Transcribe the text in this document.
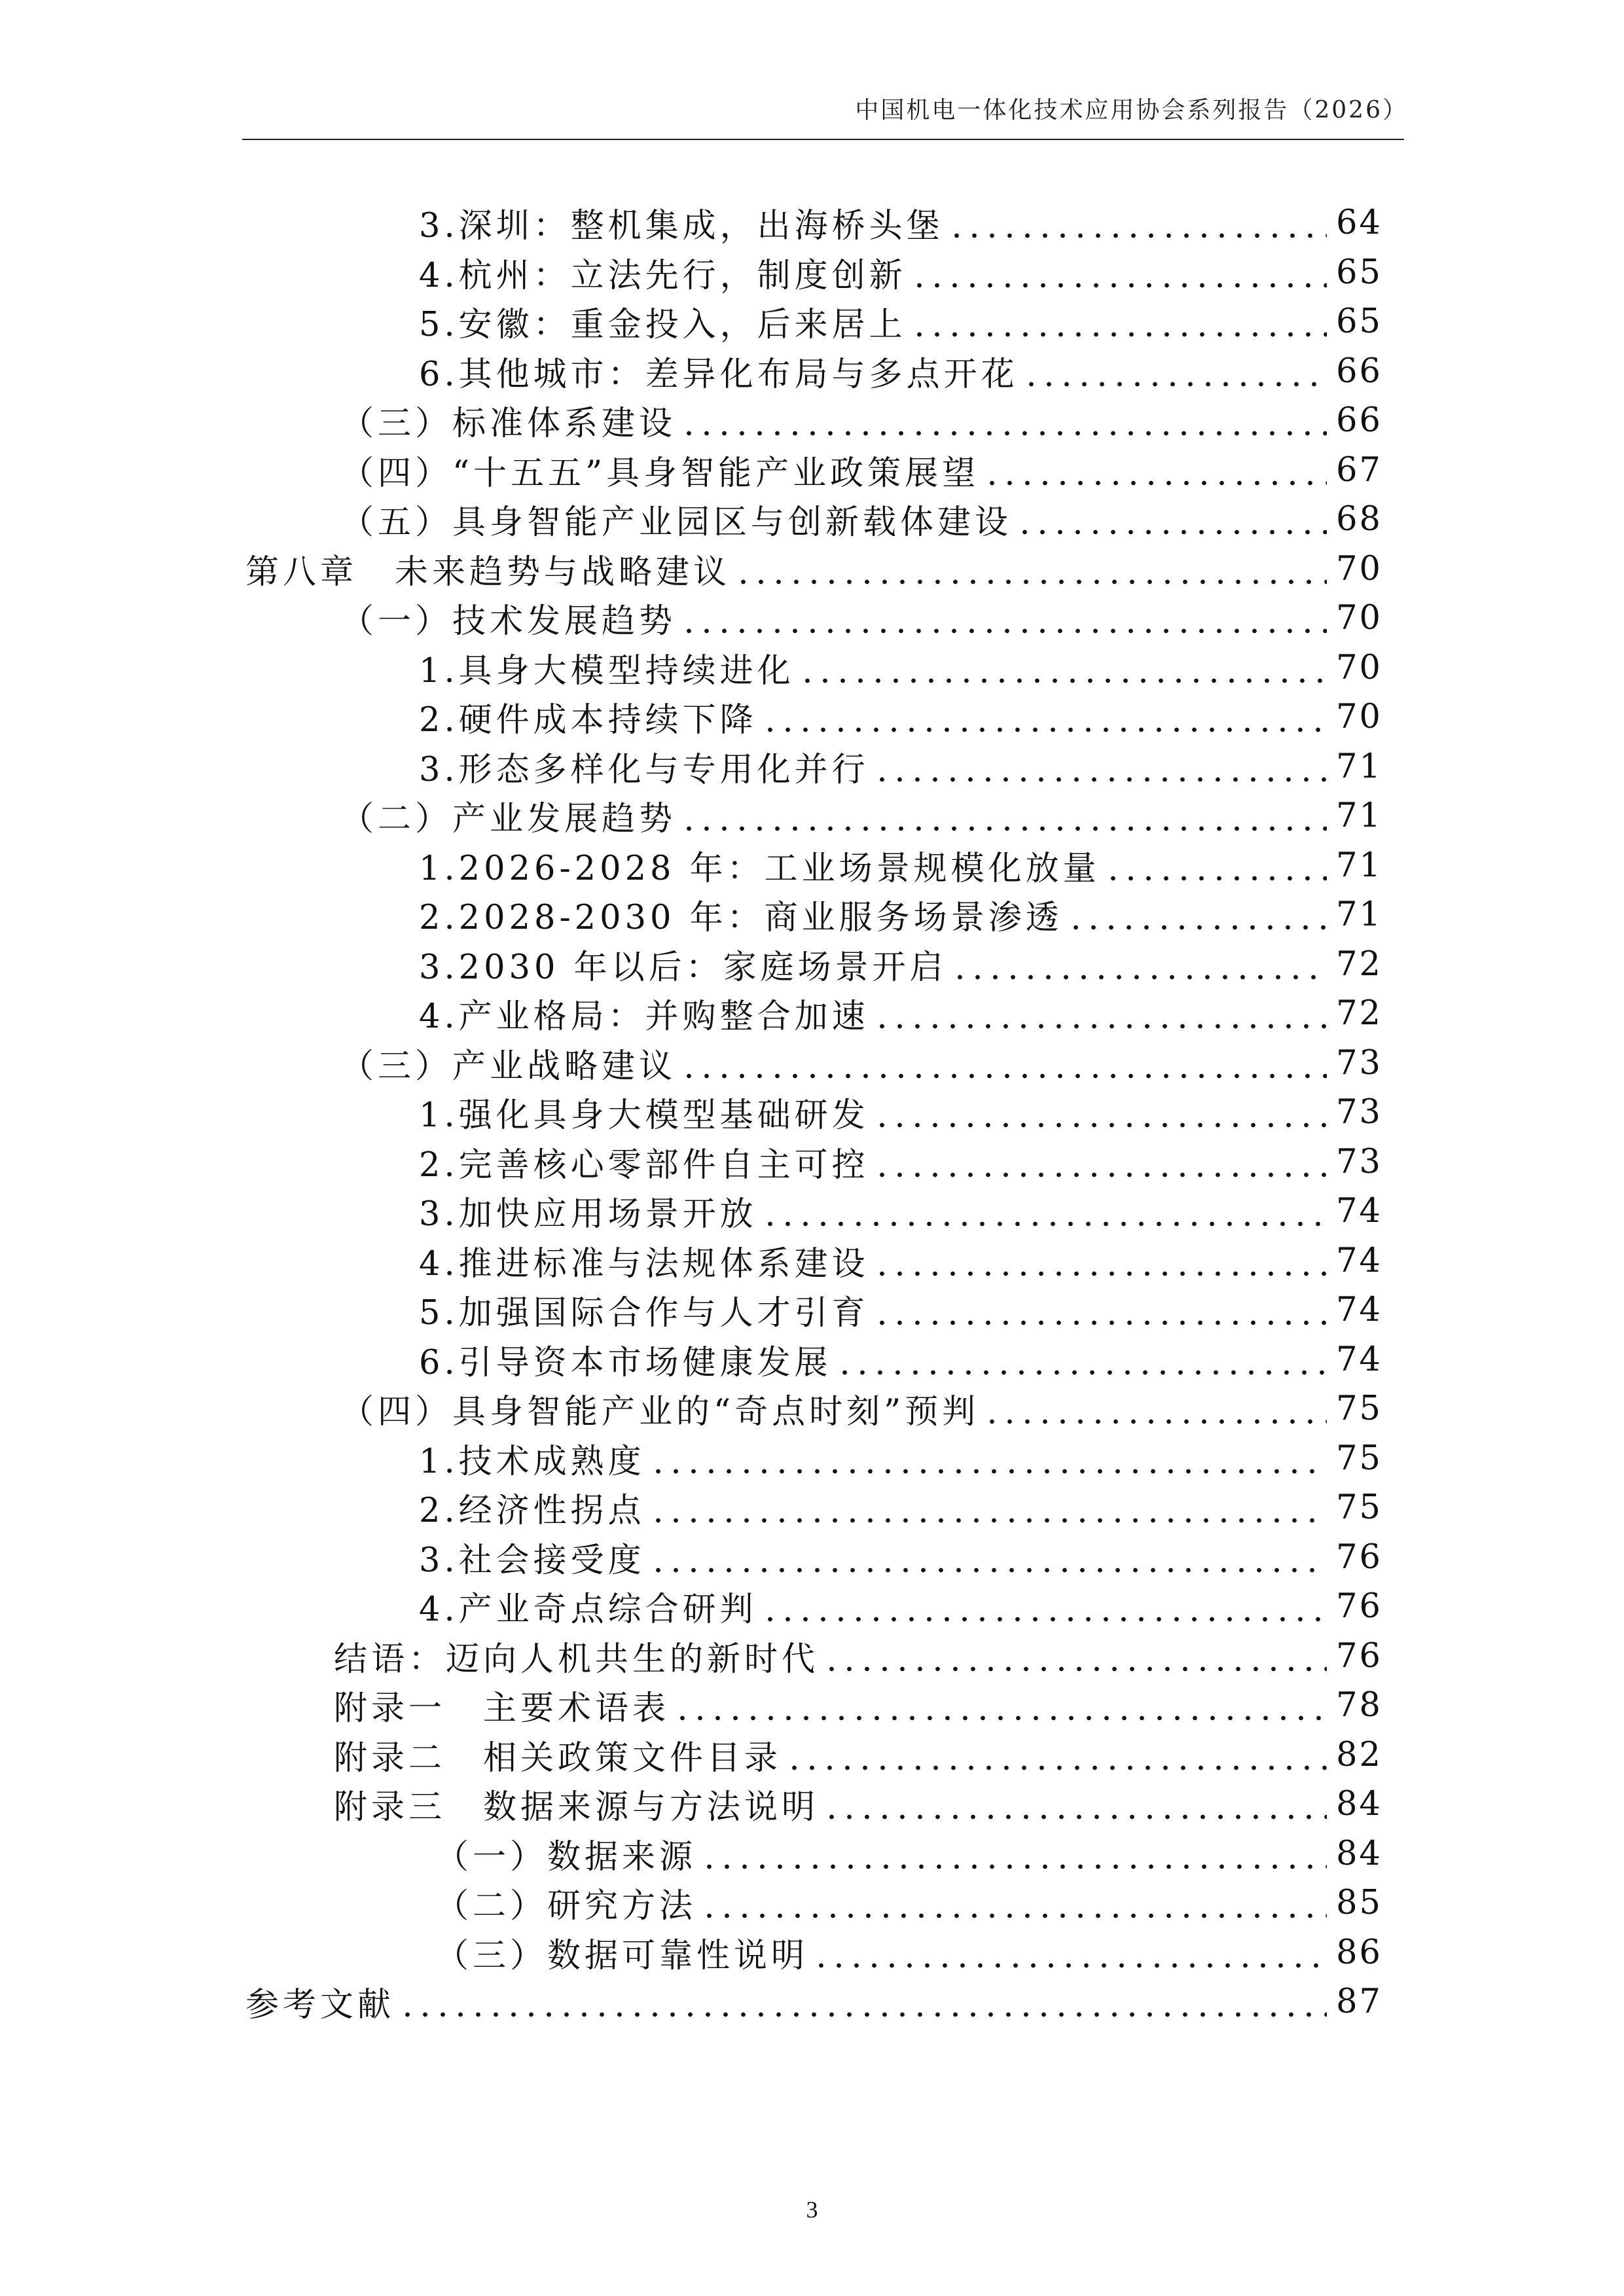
中国机电一体化技术应用协会系列报告（2026）
3.深圳：整机集成，出海桥头堡	64
4.杭州：立法先行，制度创新	65
5.安徽：重金投入，后来居上	65
6.其他城市：差异化布局与多点开花	66
（三）标准体系建设	66
（四）“十五五”具身智能产业政策展望	67
（五）具身智能产业园区与创新载体建设	68
第八章　未来趋势与战略建议	70
（一）技术发展趋势	70
1.具身大模型持续进化	70
2.硬件成本持续下降	70
3.形态多样化与专用化并行	71
（二）产业发展趋势	71
1.2026-2028 年：工业场景规模化放量	71
2.2028-2030 年：商业服务场景渗透	71
3.2030 年以后：家庭场景开启	72
4.产业格局：并购整合加速	72
（三）产业战略建议	73
1.强化具身大模型基础研发	73
2.完善核心零部件自主可控	73
3.加快应用场景开放	74
4.推进标准与法规体系建设	74
5.加强国际合作与人才引育	74
6.引导资本市场健康发展	74
（四）具身智能产业的“奇点时刻”预判	75
1.技术成熟度	75
2.经济性拐点	75
3.社会接受度	76
4.产业奇点综合研判	76
结语：迈向人机共生的新时代	76
附录一　主要术语表	78
附录二　相关政策文件目录	82
附录三　数据来源与方法说明	84
（一）数据来源	84
（二）研究方法	85
（三）数据可靠性说明	86
参考文献	87
3
